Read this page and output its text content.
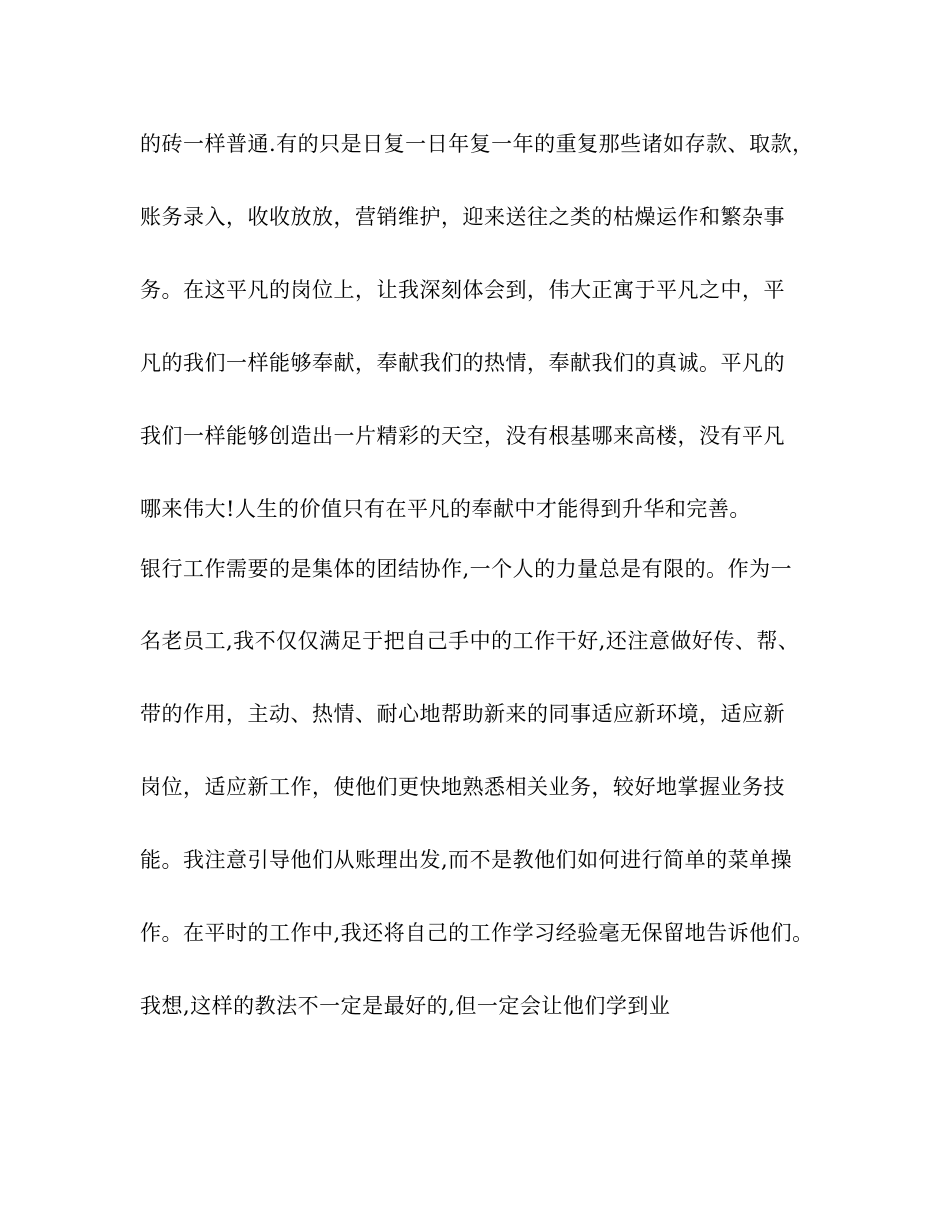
的砖一样普通.有的只是日复一日年复一年的重复那些诸如存款、取款，
账务录入，收收放放，营销维护，迎来送往之类的枯燥运作和繁杂事
务。在这平凡的岗位上，让我深刻体会到，伟大正寓于平凡之中，平
凡的我们一样能够奉献，奉献我们的热情，奉献我们的真诚。平凡的
我们一样能够创造出一片精彩的天空，没有根基哪来高楼，没有平凡
哪来伟大!人生的价值只有在平凡的奉献中才能得到升华和完善。
银行工作需要的是集体的团结协作,一个人的力量总是有限的。作为一
名老员工,我不仅仅满足于把自己手中的工作干好,还注意做好传、帮、
带的作用，主动、热情、耐心地帮助新来的同事适应新环境，适应新
岗位，适应新工作，使他们更快地熟悉相关业务，较好地掌握业务技
能。我注意引导他们从账理出发,而不是教他们如何进行简单的菜单操
作。在平时的工作中,我还将自己的工作学习经验毫无保留地告诉他们。
我想,这样的教法不一定是最好的,但一定会让他们学到业
